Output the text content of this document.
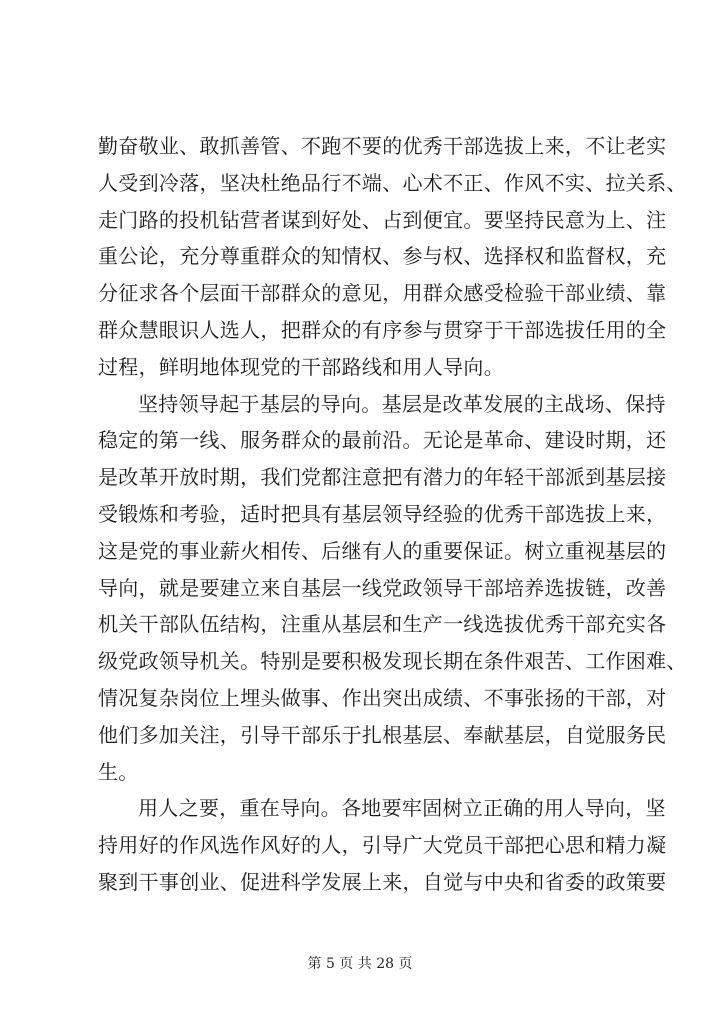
勤奋敬业、敢抓善管、不跑不要的优秀干部选拔上来，不让老实
人受到冷落，坚决杜绝品行不端、心术不正、作风不实、拉关系、
走门路的投机钻营者谋到好处、占到便宜。要坚持民意为上、注
重公论，充分尊重群众的知情权、参与权、选择权和监督权，充
分征求各个层面干部群众的意见，用群众感受检验干部业绩、靠
群众慧眼识人选人，把群众的有序参与贯穿于干部选拔任用的全
过程，鲜明地体现党的干部路线和用人导向。
坚持领导起于基层的导向。基层是改革发展的主战场、保持
稳定的第一线、服务群众的最前沿。无论是革命、建设时期，还
是改革开放时期，我们党都注意把有潜力的年轻干部派到基层接
受锻炼和考验，适时把具有基层领导经验的优秀干部选拔上来，
这是党的事业薪火相传、后继有人的重要保证。树立重视基层的
导向，就是要建立来自基层一线党政领导干部培养选拔链，改善
机关干部队伍结构，注重从基层和生产一线选拔优秀干部充实各
级党政领导机关。特别是要积极发现长期在条件艰苦、工作困难、
情况复杂岗位上埋头做事、作出突出成绩、不事张扬的干部，对
他们多加关注，引导干部乐于扎根基层、奉献基层，自觉服务民
生。
用人之要，重在导向。各地要牢固树立正确的用人导向，坚
持用好的作风选作风好的人，引导广大党员干部把心思和精力凝
聚到干事创业、促进科学发展上来，自觉与中央和省委的政策要
第 5 页 共 28 页
